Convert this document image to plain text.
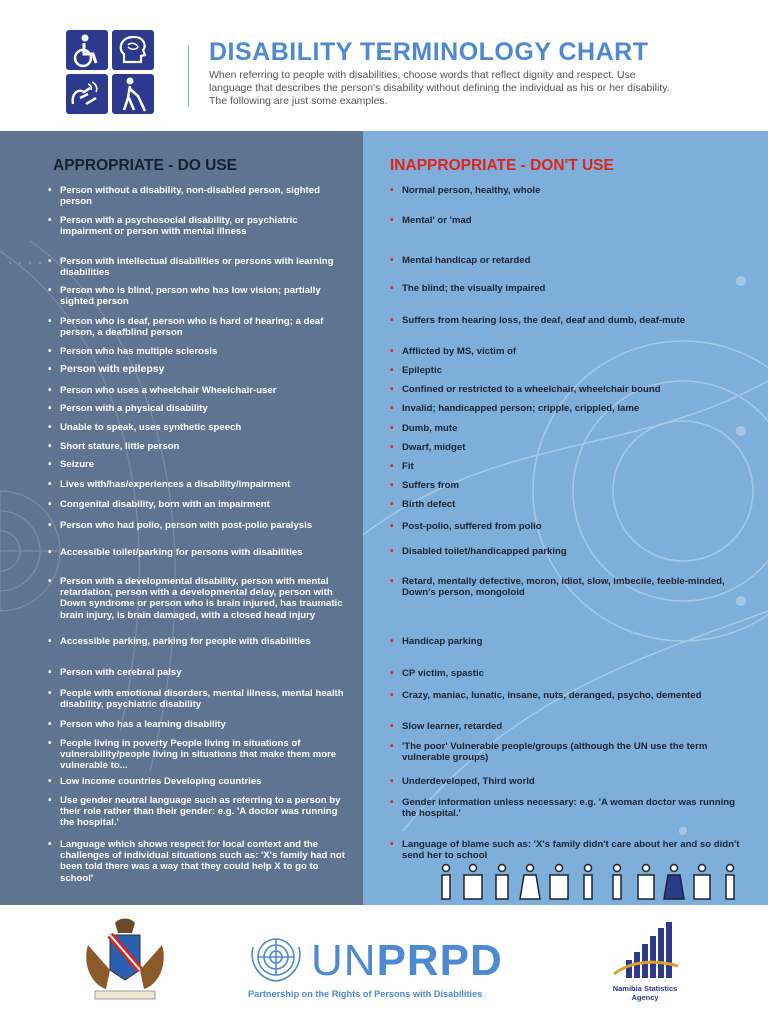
DISABILITY TERMINOLOGY CHART
When referring to people with disabilities, choose words that reflect dignity and respect. Use language that describes the person's disability without defining the individual as his or her disability. The following are just some examples.
APPROPRIATE - DO USE	INAPPROPRIATE - DON'T USE
• Person without a disability, non-disabled person, sighted person
• Person with a psychosocial disability, or psychiatric impairment or person with mental illness
• Person with intellectual disabilities or persons with learning disabilities
• Person who is blind, person who has low vision; partially sighted person
• Person who is deaf, person who is hard of hearing; a deaf person, a deafblind person
• Person who has multiple sclerosis
• Person with epilepsy
• Person who uses a wheelchair Wheelchair-user
• Person with a physical disability
• Unable to speak, uses synthetic speech
• Short stature, little person
• Seizure
• Lives with/has/experiences a disability/impairment
• Congenital disability, born with an impairment
• Person who had polio, person with post-polio paralysis
• Accessible toilet/parking for persons with disabilities
• Person with a developmental disability, person with mental retardation, person with a developmental delay, person with Down syndrome or person who is brain injured, has traumatic brain injury, is brain damaged, with a closed head injury
• Accessible parking, parking for people with disabilities
• Person with cerebral palsy
• People with emotional disorders, mental illness, mental health disability, psychiatric disability
• Person who has a learning disability
• People living in poverty People living in situations of vulnerability/people living in situations that make them more vulnerable to...
• Low income countries Developing countries
• Use gender neutral language such as referring to a person by their role rather than their gender: e.g. 'A doctor was running the hospital.'
• Language which shows respect for local context and the challenges of individual situations such as: 'X's family had not been told there was a way that they could help X to go to school'
• Normal person, healthy, whole
• Mental' or 'mad
• Mental handicap or retarded
• The blind; the visually impaired
• Suffers from hearing loss, the deaf, deaf and dumb, deaf-mute
• Afflicted by MS, victim of
• Epileptic
• Confined or restricted to a wheelchair, wheelchair bound
• Invalid; handicapped person; cripple, crippled, lame
• Dumb, mute
• Dwarf, midget
• Fit
• Suffers from
• Birth defect
• Post-polio, suffered from polio
• Disabled toilet/handicapped parking
• Retard, mentally defective, moron, idiot, slow, imbecile, feeble-minded, Down's person, mongoloid
• Handicap parking
• CP victim, spastic
• Crazy, maniac, lunatic, insane, nuts, deranged, psycho, demented
• Slow learner, retarded
• 'The poor' Vulnerable people/groups (although the UN use the term vulnerable groups)
• Underdeveloped, Third world
• Gender information unless necessary: e.g. 'A woman doctor was running the hospital.'
• Language of blame such as: 'X's family didn't care about her and so didn't send her to school
UNPRPD
Partnership on the Rights of Persons with Disabilities
Namibia Statistics Agency
